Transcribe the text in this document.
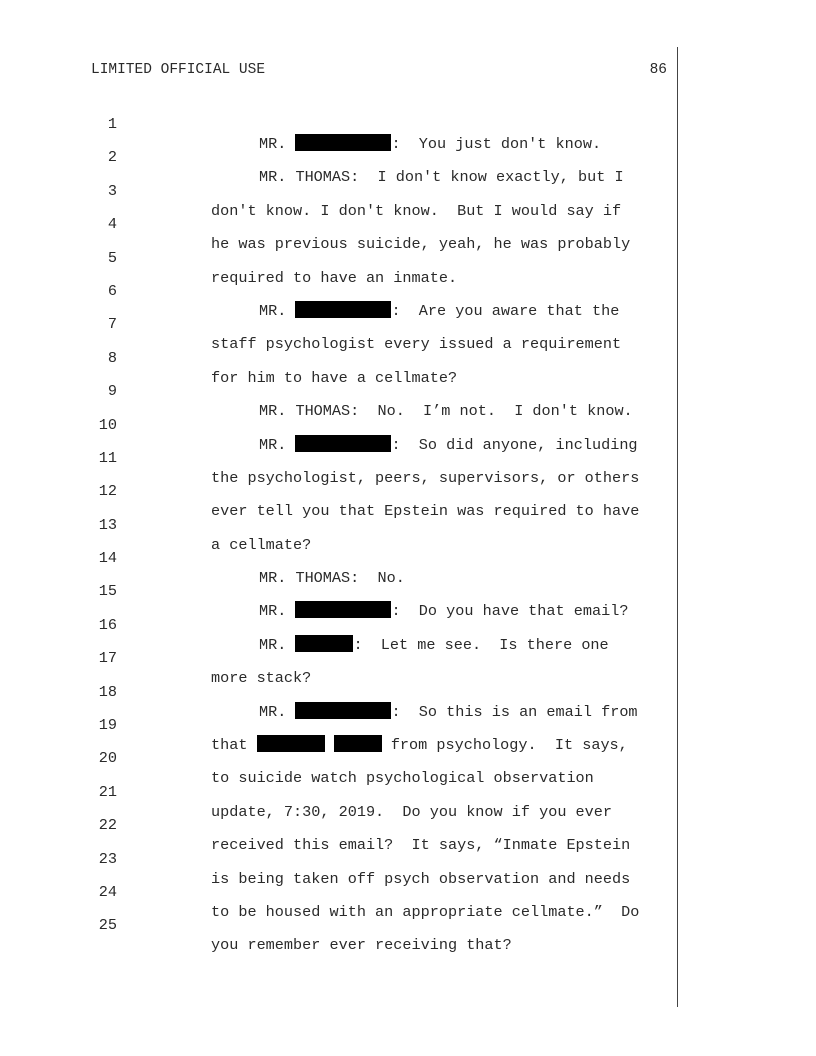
LIMITED OFFICIAL USE	86

1

MR.	:  You just don't know.

2

MR. THOMAS:  I don't know exactly, but I

3

don't know. I don't know.  But I would say if

4

he was previous suicide, yeah, he was probably

5

required to have an inmate.

6

MR.	:  Are you aware that the

7

staff psychologist every issued a requirement

8

for him to have a cellmate?

9

MR. THOMAS:  No.  I’m not.  I don't know.

10

MR.	:  So did anyone, including

11

the psychologist, peers, supervisors, or others

12

ever tell you that Epstein was required to have

13

a cellmate?

14

MR. THOMAS:  No.

15

MR.	:  Do you have that email?

16

MR.	:  Let me see.  Is there one

17

more stack?

18

MR.	:  So this is an email from

19

that	from psychology.  It says,

20

to suicide watch psychological observation

21

update, 7:30, 2019.  Do you know if you ever

22

received this email?  It says, “Inmate Epstein

23

is being taken off psych observation and needs

24

to be housed with an appropriate cellmate.”  Do

25

you remember ever receiving that?
